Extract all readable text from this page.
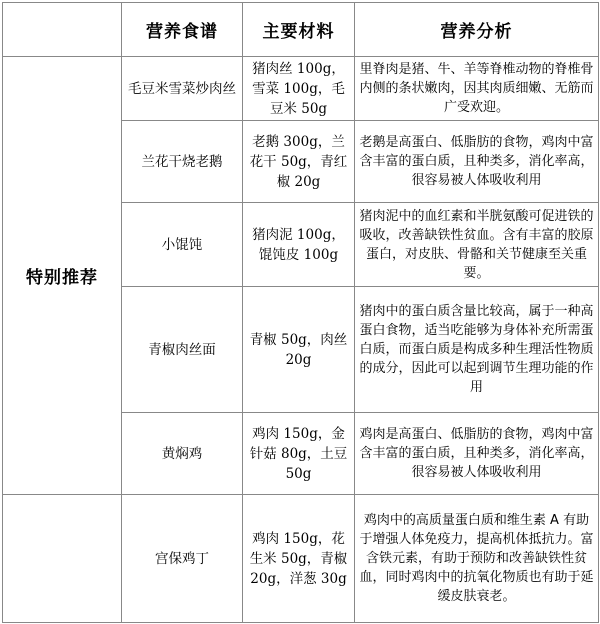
	营养食谱	主要材料	营养分析
特别推荐	毛豆米雪菜炒肉丝	猪肉丝 100g，雪菜 100g，毛豆米 50g	里脊肉是猪、牛、羊等脊椎动物的脊椎骨内侧的条状嫩肉，因其肉质细嫩、无筋而广受欢迎。
	兰花干烧老鹅	老鹅 300g，兰花干 50g，青红椒 20g	老鹅是高蛋白、低脂肪的食物，鸡肉中富含丰富的蛋白质，且种类多，消化率高，很容易被人体吸收利用
	小馄饨	猪肉泥 100g，馄饨皮 100g	猪肉泥中的血红素和半胱氨酸可促进铁的吸收，改善缺铁性贫血。含有丰富的胶原蛋白，对皮肤、骨骼和关节健康至关重要。
	青椒肉丝面	青椒 50g，肉丝 20g	猪肉中的蛋白质含量比较高，属于一种高蛋白食物，适当吃能够为身体补充所需蛋白质，而蛋白质是构成多种生理活性物质的成分，因此可以起到调节生理功能的作用
	黄焖鸡	鸡肉 150g，金针菇 80g，土豆 50g	鸡肉是高蛋白、低脂肪的食物，鸡肉中富含丰富的蛋白质，且种类多，消化率高，很容易被人体吸收利用
	宫保鸡丁	鸡肉 150g，花生米 50g，青椒 20g，洋葱 30g	鸡肉中的高质量蛋白质和维生素 A 有助于增强人体免疫力，提高机体抵抗力。富含铁元素，有助于预防和改善缺铁性贫血，同时鸡肉中的抗氧化物质也有助于延缓皮肤衰老。
